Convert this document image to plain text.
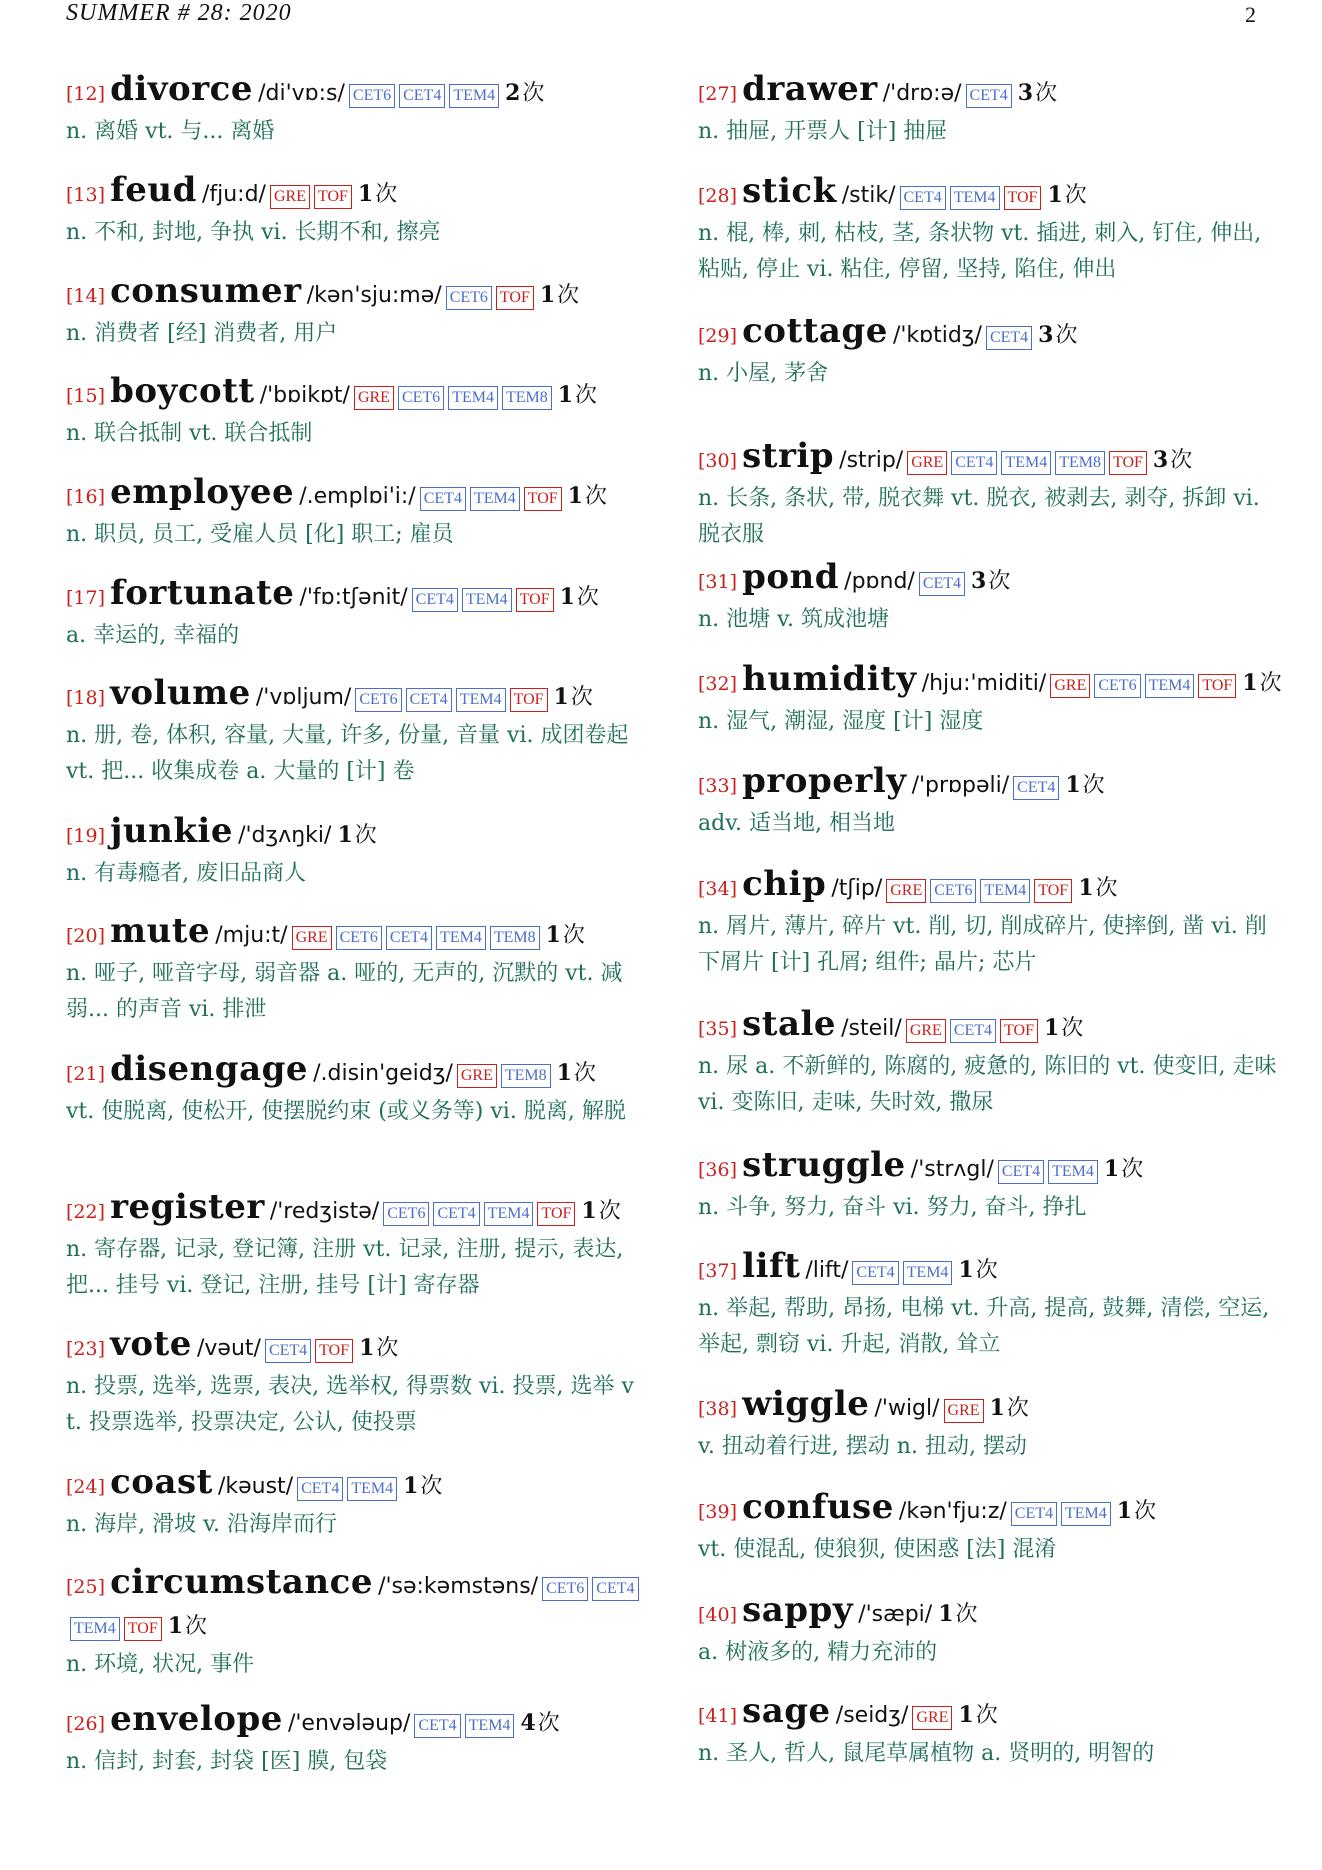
SUMMER # 28: 2020	2
[12] divorce /di'vɒ:s/ CET6 CET4 TEM4 2次
n. 离婚 vt. 与... 离婚
[13] feud /fju:d/ GRE TOF 1次
n. 不和, 封地, 争执 vi. 长期不和, 擦亮
[14] consumer /kən'sju:mə/ CET6 TOF 1次
n. 消费者 [经] 消费者, 用户
[15] boycott /'bɒikɒt/ GRE CET6 TEM4 TEM8 1次
n. 联合抵制 vt. 联合抵制
[16] employee /.emplɒi'i:/ CET4 TEM4 TOF 1次
n. 职员, 员工, 受雇人员 [化] 职工; 雇员
[17] fortunate /'fɒ:tʃənit/ CET4 TEM4 TOF 1次
a. 幸运的, 幸福的
[18] volume /'vɒljum/ CET6 CET4 TEM4 TOF 1次
n. 册, 卷, 体积, 容量, 大量, 许多, 份量, 音量 vi. 成团卷起 vt. 把... 收集成卷 a. 大量的 [计] 卷
[19] junkie /'dʒʌŋki/ 1次
n. 有毒瘾者, 废旧品商人
[20] mute /mju:t/ GRE CET6 CET4 TEM4 TEM8 1次
n. 哑子, 哑音字母, 弱音器 a. 哑的, 无声的, 沉默的 vt. 减弱... 的声音 vi. 排泄
[21] disengage /.disin'geidʒ/ GRE TEM8 1次
vt. 使脱离, 使松开, 使摆脱约束 (或义务等) vi. 脱离, 解脱
[22] register /'redʒistə/ CET6 CET4 TEM4 TOF 1次
n. 寄存器, 记录, 登记簿, 注册 vt. 记录, 注册, 提示, 表达, 把... 挂号 vi. 登记, 注册, 挂号 [计] 寄存器
[23] vote /vəut/ CET4 TOF 1次
n. 投票, 选举, 选票, 表决, 选举权, 得票数 vi. 投票, 选举 vt. 投票选举, 投票决定, 公认, 使投票
[24] coast /kəust/ CET4 TEM4 1次
n. 海岸, 滑坡 v. 沿海岸而行
[25] circumstance /'sə:kəmstəns/ CET6 CET4TEM4 TOF 1次
n. 环境, 状况, 事件
[26] envelope /'envələup/ CET4 TEM4 4次
n. 信封, 封套, 封袋 [医] 膜, 包袋
[27] drawer /'drɒ:ə/ CET4 3次
n. 抽屉, 开票人 [计] 抽屉
[28] stick /stik/ CET4 TEM4 TOF 1次
n. 棍, 棒, 刺, 枯枝, 茎, 条状物 vt. 插进, 刺入, 钉住, 伸出, 粘贴, 停止 vi. 粘住, 停留, 坚持, 陷住, 伸出
[29] cottage /'kɒtidʒ/ CET4 3次
n. 小屋, 茅舍
[30] strip /strip/ GRE CET4 TEM4 TEM8 TOF 3次
n. 长条, 条状, 带, 脱衣舞 vt. 脱衣, 被剥去, 剥夺, 拆卸 vi. 脱衣服
[31] pond /pɒnd/ CET4 3次
n. 池塘 v. 筑成池塘
[32] humidity /hju:'miditi/ GRE CET6 TEM4 TOF 1次
n. 湿气, 潮湿, 湿度 [计] 湿度
[33] properly /'prɒpəli/ CET4 1次
adv. 适当地, 相当地
[34] chip /tʃip/ GRE CET6 TEM4 TOF 1次
n. 屑片, 薄片, 碎片 vt. 削, 切, 削成碎片, 使摔倒, 凿 vi. 削下屑片 [计] 孔屑; 组件; 晶片; 芯片
[35] stale /steil/ GRE CET4 TOF 1次
n. 尿 a. 不新鲜的, 陈腐的, 疲惫的, 陈旧的 vt. 使变旧, 走味 vi. 变陈旧, 走味, 失时效, 撒尿
[36] struggle /'strʌgl/ CET4 TEM4 1次
n. 斗争, 努力, 奋斗 vi. 努力, 奋斗, 挣扎
[37] lift /lift/ CET4 TEM4 1次
n. 举起, 帮助, 昂扬, 电梯 vt. 升高, 提高, 鼓舞, 清偿, 空运, 举起, 剽窃 vi. 升起, 消散, 耸立
[38] wiggle /'wigl/ GRE 1次
v. 扭动着行进, 摆动 n. 扭动, 摆动
[39] confuse /kən'fju:z/ CET4 TEM4 1次
vt. 使混乱, 使狼狈, 使困惑 [法] 混淆
[40] sappy /'sæpi/ 1次
a. 树液多的, 精力充沛的
[41] sage /seidʒ/ GRE 1次
n. 圣人, 哲人, 鼠尾草属植物 a. 贤明的, 明智的
